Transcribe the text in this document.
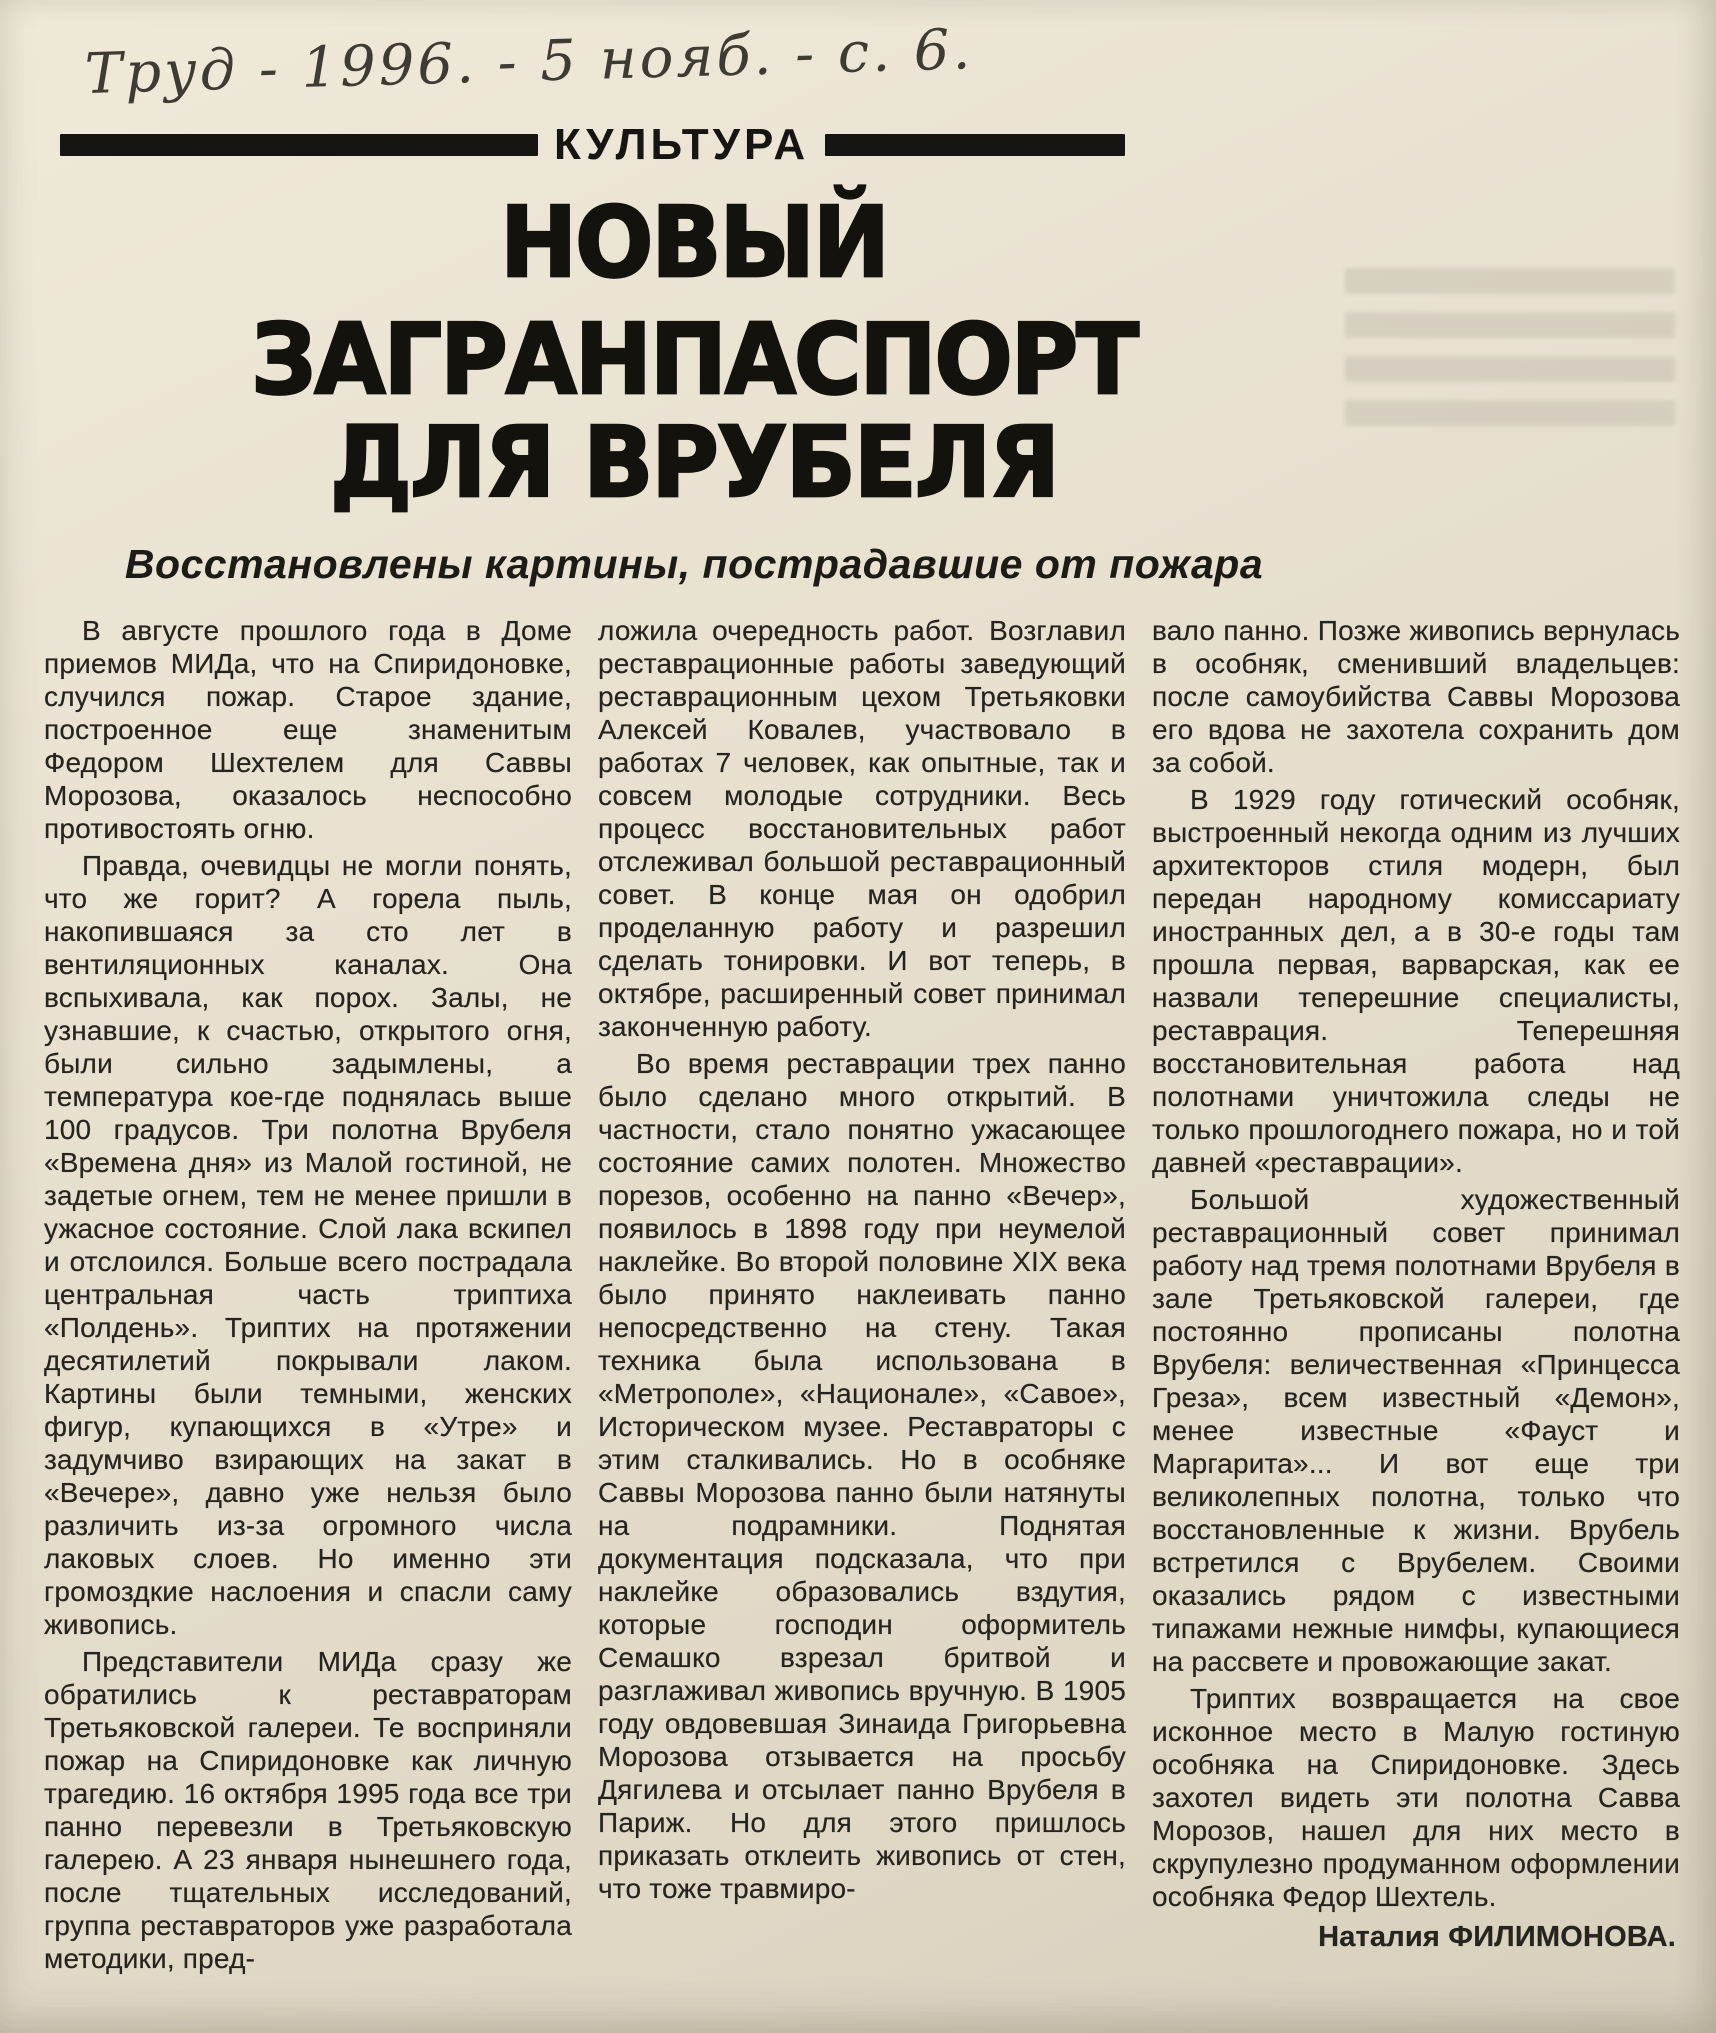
Труд - 1996. - 5 нояб. - с. 6.
КУЛЬТУРА
НОВЫЙ ЗАГРАНПАСПОРТ
ДЛЯ ВРУБЕЛЯ
Восстановлены картины, пострадавшие от пожара

В августе прошлого года в Доме приемов МИДа, что на Спиридоновке, случился пожар. Старое здание, построенное еще знаменитым Федором Шехтелем для Саввы Морозова, оказалось неспособно противостоять огню.

Правда, очевидцы не могли понять, что же горит? А горела пыль, накопившаяся за сто лет в вентиляционных каналах. Она вспыхивала, как порох. Залы, не узнавшие, к счастью, открытого огня, были сильно задымлены, а температура кое-где поднялась выше 100 градусов. Три полотна Врубеля «Времена дня» из Малой гостиной, не задетые огнем, тем не менее пришли в ужасное состояние. Слой лака вскипел и отслоился. Больше всего пострадала центральная часть триптиха «Полдень». Триптих на протяжении десятилетий покрывали лаком. Картины были темными, женских фигур, купающихся в «Утре» и задумчиво взирающих на закат в «Вечере», давно уже нельзя было различить из-за огромного числа лаковых слоев. Но именно эти громоздкие наслоения и спасли саму живопись.

Представители МИДа сразу же обратились к реставраторам Третьяковской галереи. Те восприняли пожар на Спиридоновке как личную трагедию. 16 октября 1995 года все три панно перевезли в Третьяковскую галерею. А 23 января нынешнего года, после тщательных исследований, группа реставраторов уже разработала методики, пред-

ложила очередность работ. Возглавил реставрационные работы заведующий реставрационным цехом Третьяковки Алексей Ковалев, участвовало в работах 7 человек, как опытные, так и совсем молодые сотрудники. Весь процесс восстановительных работ отслеживал большой реставрационный совет. В конце мая он одобрил проделанную работу и разрешил сделать тонировки. И вот теперь, в октябре, расширенный совет принимал законченную работу.

Во время реставрации трех панно было сделано много открытий. В частности, стало понятно ужасающее состояние самих полотен. Множество порезов, особенно на панно «Вечер», появилось в 1898 году при неумелой наклейке. Во второй половине XIX века было принято наклеивать панно непосредственно на стену. Такая техника была использована в «Метрополе», «Национале», «Савое», Историческом музее. Реставраторы с этим сталкивались. Но в особняке Саввы Морозова панно были натянуты на подрамники. Поднятая документация подсказала, что при наклейке образовались вздутия, которые господин оформитель Семашко взрезал бритвой и разглаживал живопись вручную. В 1905 году овдовевшая Зинаида Григорьевна Морозова отзывается на просьбу Дягилева и отсылает панно Врубеля в Париж. Но для этого пришлось приказать отклеить живопись от стен, что тоже травмиро-

вало панно. Позже живопись вернулась в особняк, сменивший владельцев: после самоубийства Саввы Морозова его вдова не захотела сохранить дом за собой.

В 1929 году готический особняк, выстроенный некогда одним из лучших архитекторов стиля модерн, был передан народному комиссариату иностранных дел, а в 30-е годы там прошла первая, варварская, как ее назвали теперешние специалисты, реставрация. Теперешняя восстановительная работа над полотнами уничтожила следы не только прошлогоднего пожара, но и той давней «реставрации».

Большой художественный реставрационный совет принимал работу над тремя полотнами Врубеля в зале Третьяковской галереи, где постоянно прописаны полотна Врубеля: величественная «Принцесса Греза», всем известный «Демон», менее известные «Фауст и Маргарита»... И вот еще три великолепных полотна, только что восстановленные к жизни. Врубель встретился с Врубелем. Своими оказались рядом с известными типажами нежные нимфы, купающиеся на рассвете и провожающие закат.

Триптих возвращается на свое исконное место в Малую гостиную особняка на Спиридоновке. Здесь захотел видеть эти полотна Савва Морозов, нашел для них место в скрупулезно продуманном оформлении особняка Федор Шехтель.

Наталия ФИЛИМОНОВА.
